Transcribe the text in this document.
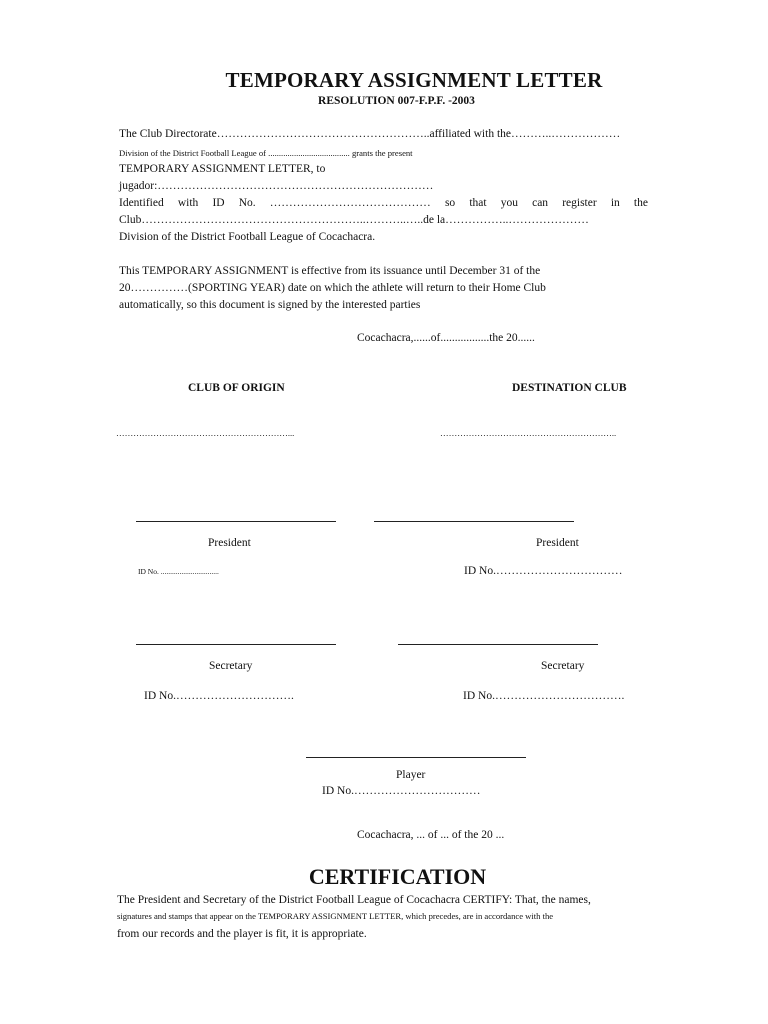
TEMPORARY ASSIGNMENT LETTER
RESOLUTION 007-F.P.F. -2003
The Club Directorate………………………………………………..affiliated with the………..………………
Division of the District Football League of ...................................... grants the present
TEMPORARY ASSIGNMENT LETTER, to
jugador:………………………………………………………………
Identified with ID No. …………………………………… so that you can register in the
Club…………………………………………………..………..…..de la……………..…………………
Division of the District Football League of Cocachacra.
This TEMPORARY ASSIGNMENT is effective from its issuance until December 31 of the
20……………(SPORTING YEAR) date on which the athlete will return to their Home Club
automatically, so this document is signed by the interested parties
Cocachacra,......of.................the 20......
CLUB OF ORIGIN	DESTINATION CLUB
……………………………………………………...	……………………………………………………..
President	President
ID No. ...............................	ID No.……………………………
Secretary	Secretary
ID No.………………………….	ID No.…………………………….
Player
ID No.……………………………
Cocachacra, ... of ... of the 20 ...
CERTIFICATION
The President and Secretary of the District Football League of Cocachacra CERTIFY: That, the names,
signatures and stamps that appear on the TEMPORARY ASSIGNMENT LETTER, which precedes, are in accordance with the
from our records and the player is fit, it is appropriate.
